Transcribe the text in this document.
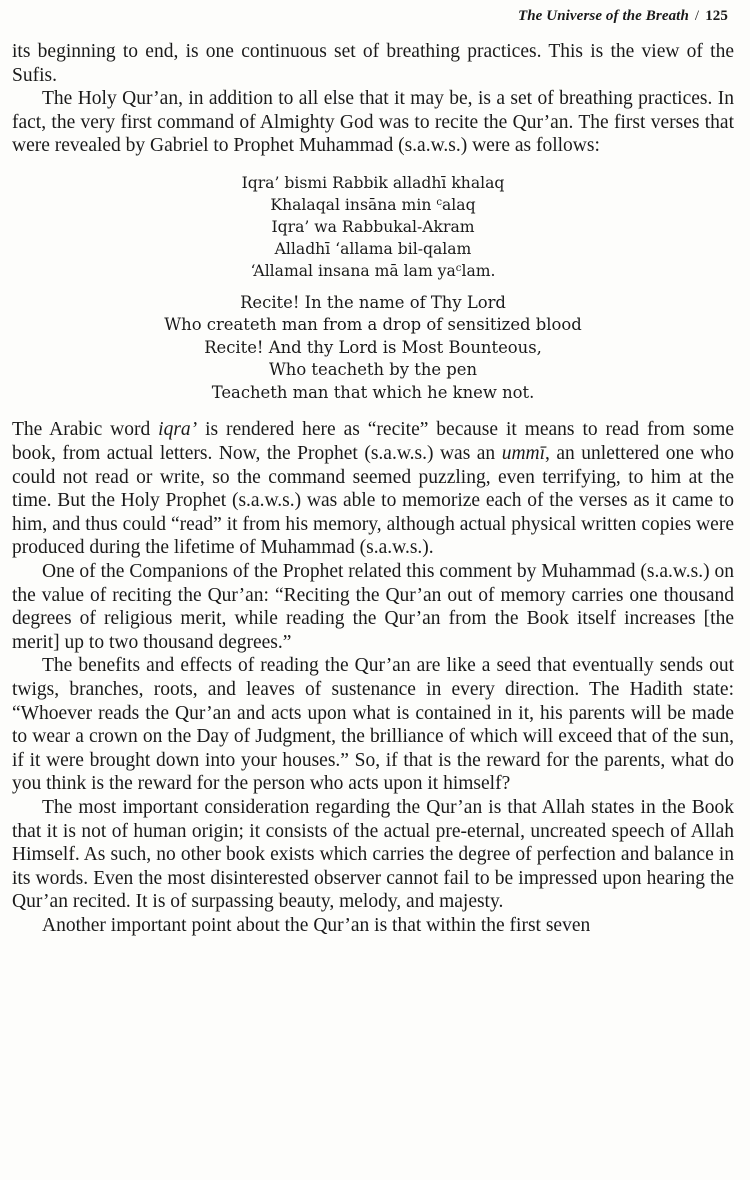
The Universe of the Breath / 125

its beginning to end, is one continuous set of breathing practices. This is the view of the Sufis.

The Holy Qur’an, in addition to all else that it may be, is a set of breathing practices. In fact, the very first command of Almighty God was to recite the Qur’an. The first verses that were revealed by Gabriel to Prophet Muhammad (s.a.w.s.) were as follows:

Iqra’ bismi Rabbik alladhī khalaq
Khalaqal insāna min $^c$alaq
Iqra’ wa Rabbukal-Akram
Alladhī ‘allama bil-qalam
‘Allamal insana mā lam $ya^clam$.
Recite! In the name of Thy Lord
Who createth man from a drop of sensitized blood
Recite! And thy Lord is Most Bounteous,
Who teacheth by the pen
Teacheth man that which he knew not.

The Arabic word iqra’ is rendered here as “recite” because it means to read from some book, from actual letters. Now, the Prophet (s.a.w.s.) was an ummī, an unlettered one who could not read or write, so the command seemed puzzling, even terrifying, to him at the time. But the Holy Prophet (s.a.w.s.) was able to memorize each of the verses as it came to him, and thus could “read” it from his memory, although actual physical written copies were produced during the lifetime of Muhammad (s.a.w.s.).

One of the Companions of the Prophet related this comment by Muhammad (s.a.w.s.) on the value of reciting the Qur’an: “Reciting the Qur’an out of memory carries one thousand degrees of religious merit, while reading the Qur’an from the Book itself increases [the merit] up to two thousand degrees.”

The benefits and effects of reading the Qur’an are like a seed that eventually sends out twigs, branches, roots, and leaves of sustenance in every direction. The Hadith state: “Whoever reads the Qur’an and acts upon what is contained in it, his parents will be made to wear a crown on the Day of Judgment, the brilliance of which will exceed that of the sun, if it were brought down into your houses.” So, if that is the reward for the parents, what do you think is the reward for the person who acts upon it himself?

The most important consideration regarding the Qur’an is that Allah states in the Book that it is not of human origin; it consists of the actual pre-eternal, uncreated speech of Allah Himself. As such, no other book exists which carries the degree of perfection and balance in its words. Even the most disinterested observer cannot fail to be impressed upon hearing the Qur’an recited. It is of surpassing beauty, melody, and majesty.

Another important point about the Qur’an is that within the first seven
